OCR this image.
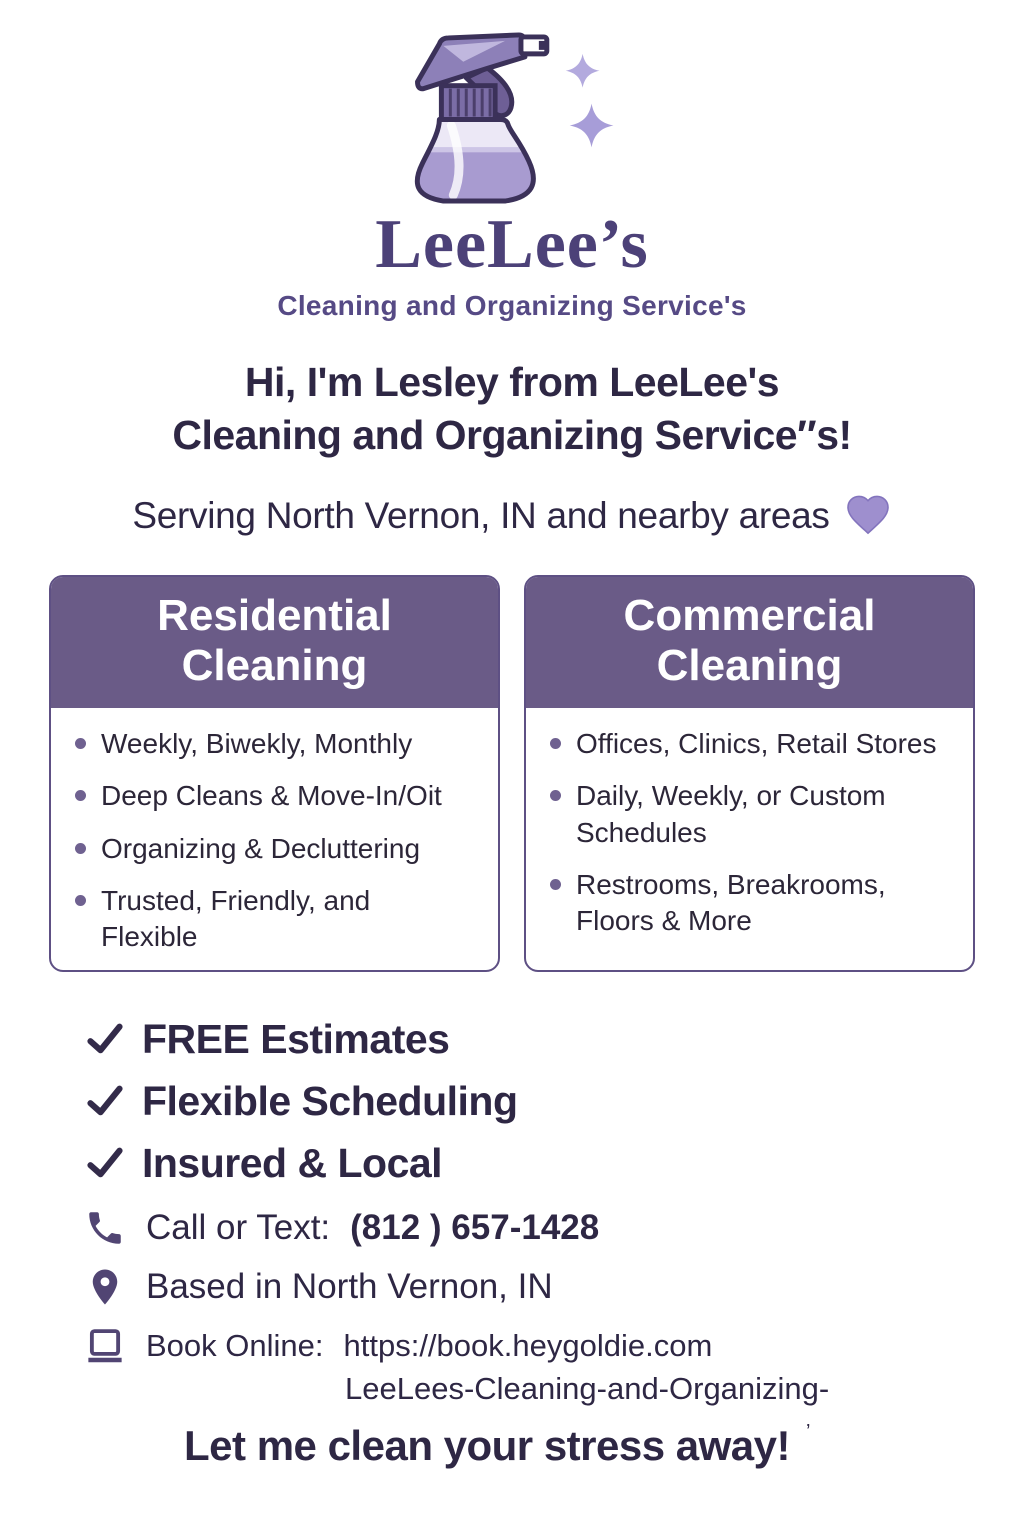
LeeLee’s
Cleaning and Organizing Service's
Hi, I'm Lesley from LeeLee's
Cleaning and Organizing Service″s!
Serving North Vernon, IN and nearby areas
Residential
Cleaning
Weekly, Biwekly, Monthly
Deep Cleans & Move-In/Oit
Organizing & Decluttering
Trusted, Friendly, and Flexible
Commercial
Cleaning
Offices, Clinics, Retail Stores
Daily, Weekly, or Custom Schedules
Restrooms, Breakrooms, Floors & More
FREE Estimates
Flexible Scheduling
Insured & Local
Call or Text: (812 ) 657-1428
Based in North Vernon, IN
Book Online: https://book.heygoldie.com
LeeLees-Cleaning-and-Organizing-
Let me clean your stress away! ’
